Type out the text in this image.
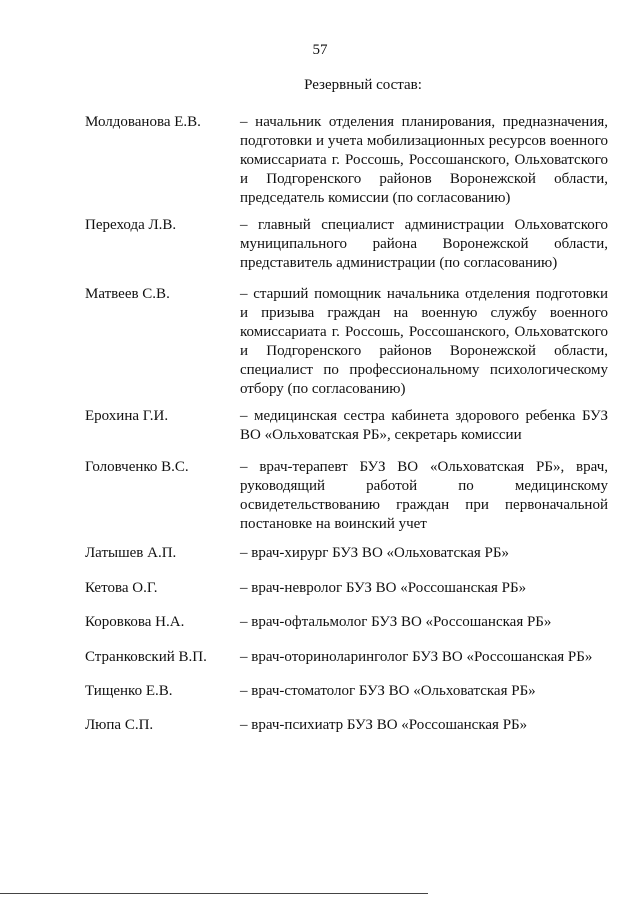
57
Резервный состав:
Молдованова Е.В.	– начальник отделения планирования, предназначения, подготовки и учета мобилизационных ресурсов военного комиссариата г. Россошь, Россошанского, Ольховатского и Подгоренского районов Воронежской области, председатель комиссии (по согласованию)
Перехода Л.В.	– главный специалист администрации Ольховатского муниципального района Воронежской области, представитель администрации (по согласованию)
Матвеев С.В.	– старший помощник начальника отделения подготовки и призыва граждан на военную службу военного комиссариата г. Россошь, Россошанского, Ольховатского и Подгоренского районов Воронежской области, специалист по профессиональному психологическому отбору (по согласованию)
Ерохина Г.И.	– медицинская сестра кабинета здорового ребенка БУЗ ВО «Ольховатская РБ», секретарь комиссии
Головченко В.С.	– врач-терапевт БУЗ ВО «Ольховатская РБ», врач, руководящий работой по медицинскому освидетельствованию граждан при первоначальной постановке на воинский учет
Латышев А.П.	– врач-хирург БУЗ ВО «Ольховатская РБ»
Кетова О.Г.	– врач-невролог БУЗ ВО «Россошанская РБ»
Коровкова Н.А.	– врач-офтальмолог БУЗ ВО «Россошанская РБ»
Странковский В.П. – врач-оториноларинголог БУЗ ВО «Россошанская РБ»
Тищенко Е.В.	– врач-стоматолог БУЗ ВО «Ольховатская РБ»
Люпа С.П.	– врач-психиатр БУЗ ВО «Россошанская РБ»
